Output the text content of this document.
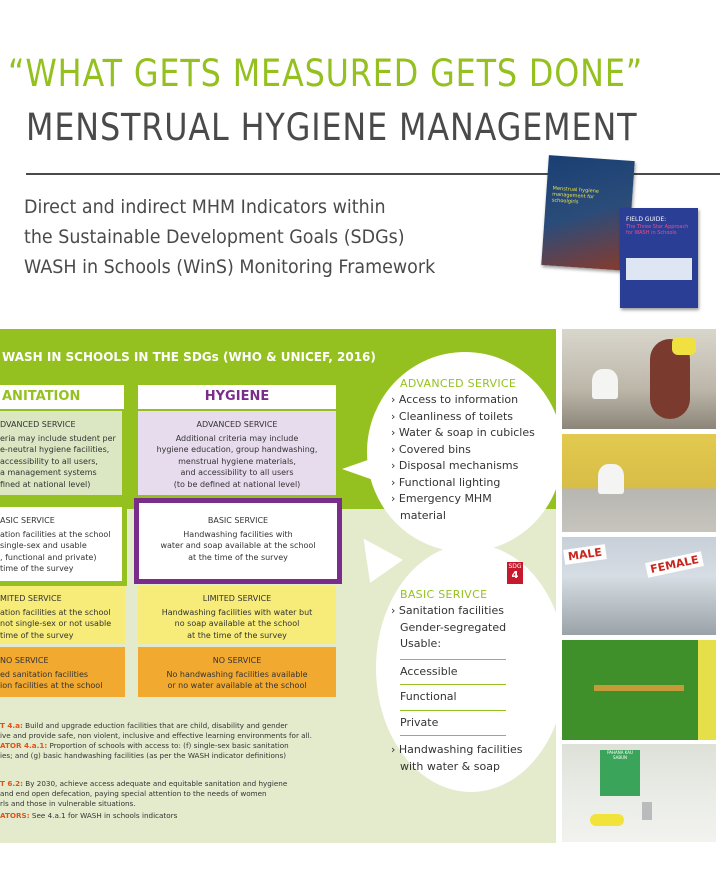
“WHAT GETS MEASURED GETS DONE”
MENSTRUAL HYGIENE MANAGEMENT
Direct and indirect MHM Indicators within
the Sustainable Development Goals (SDGs)
WASH in Schools (WinS) Monitoring Framework
Menstrual hygiene management for schoolgirls
FIELD GUIDE:
The Three Star Approach for WASH in Schools
WASH IN SCHOOLS IN THE SDGs (WHO & UNICEF, 2016)
ANITATION	HYGIENE
DVANCED SERVICE
eria may include student per
e-neutral hygiene facilities,
accessibility to all users,
a management systems
fined at national level)
ASIC SERVICE
ation facilities at the school
single-sex and usable
, functional and private)
time of the survey
MITED SERVICE
ation facilities at the school
not single-sex or not usable
time of the survey
NO SERVICE
ed sanitation facilities
ion facilities at the school
ADVANCED SERVICE
Additional criteria may include
hygiene education, group handwashing,
menstrual hygiene materials,
and accessibility to all users
(to be defined at national level)
BASIC SERVICE
Handwashing facilities with
water and soap available at the school
at the time of the survey
LIMITED SERVICE
Handwashing facilities with water but
no soap available at the school
at the time of the survey
NO SERVICE
No handwashing facilities available
or no water available at the school
T 4.a: Build and upgrade eduction facilities that are child, disability and gender
ive and provide safe, non violent, inclusive and effective learning environments for all.
ATOR 4.a.1: Proportion of schools with access to: (f) single-sex basic sanitation
ies; and (g) basic handwashing facilities (as per the WASH indicator definitions)
T 6.2: By 2030, achieve access adequate and equitable sanitation and hygiene
and end open defecation, paying special attention to the needs of women
rls and those in vulnerable situations.
ATORS: See 4.a.1 for WASH in schools indicators
ADVANCED SERVICE
› Access to information
› Cleanliness of toilets
› Water & soap in cubicles
› Covered bins
› Disposal mechanisms
› Functional lighting
› Emergency MHM
material
SDG
4
BASIC SERIVCE
› Sanitation facilities
Gender-segregated
Usable:
Accessible
Functional
Private
› Handwashing facilities
with water & soap
MALE	FEMALE
PAHANA KAU SABUN
